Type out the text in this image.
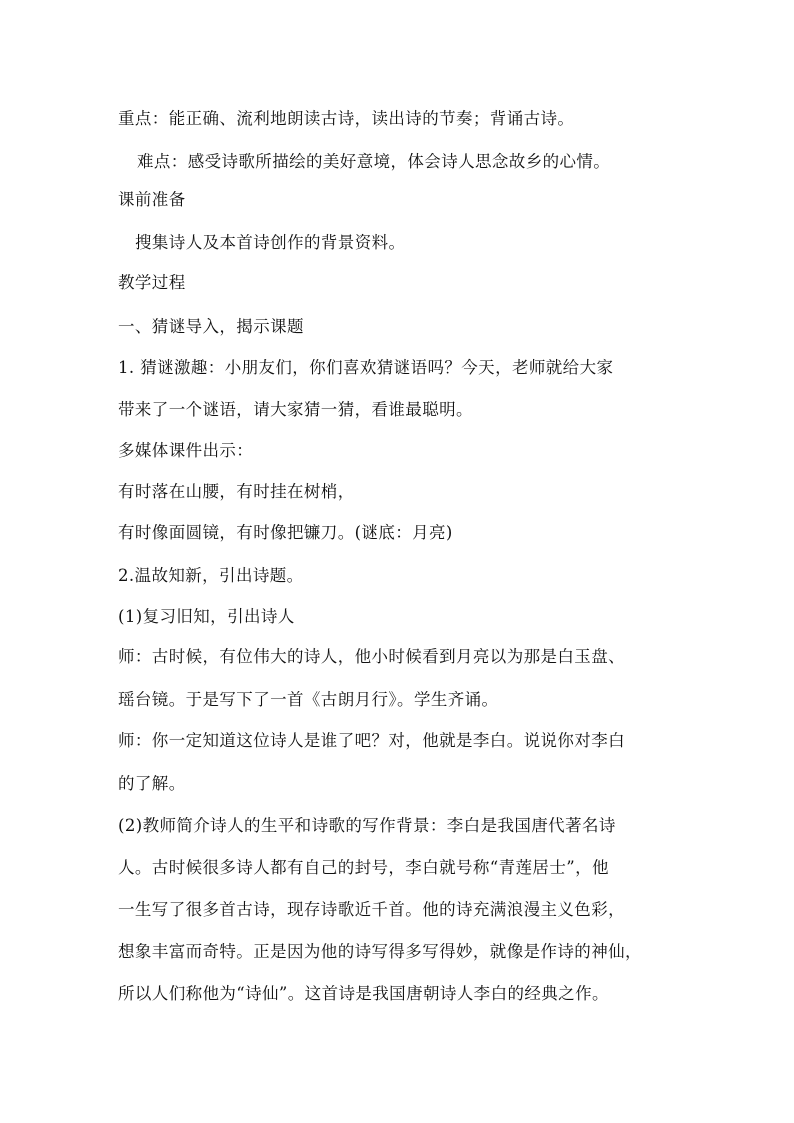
重点：能正确、流利地朗读古诗，读出诗的节奏；背诵古诗。
难点：感受诗歌所描绘的美好意境，体会诗人思念故乡的心情。
课前准备
搜集诗人及本首诗创作的背景资料。
教学过程
一、猜谜导入，揭示课题
1. 猜谜激趣：小朋友们，你们喜欢猜谜语吗？今天，老师就给大家
带来了一个谜语，请大家猜一猜，看谁最聪明。
多媒体课件出示：
有时落在山腰，有时挂在树梢，
有时像面圆镜，有时像把镰刀。(谜底：月亮)
2.温故知新，引出诗题。
(1)复习旧知，引出诗人
师：古时候，有位伟大的诗人，他小时候看到月亮以为那是白玉盘、
瑶台镜。于是写下了一首《古朗月行》。学生齐诵。
师：你一定知道这位诗人是谁了吧？对，他就是李白。说说你对李白
的了解。
(2)教师简介诗人的生平和诗歌的写作背景：李白是我国唐代著名诗
人。古时候很多诗人都有自己的封号，李白就号称“青莲居士”，他
一生写了很多首古诗，现存诗歌近千首。他的诗充满浪漫主义色彩，
想象丰富而奇特。正是因为他的诗写得多写得妙，就像是作诗的神仙，
所以人们称他为“诗仙”。这首诗是我国唐朝诗人李白的经典之作。
